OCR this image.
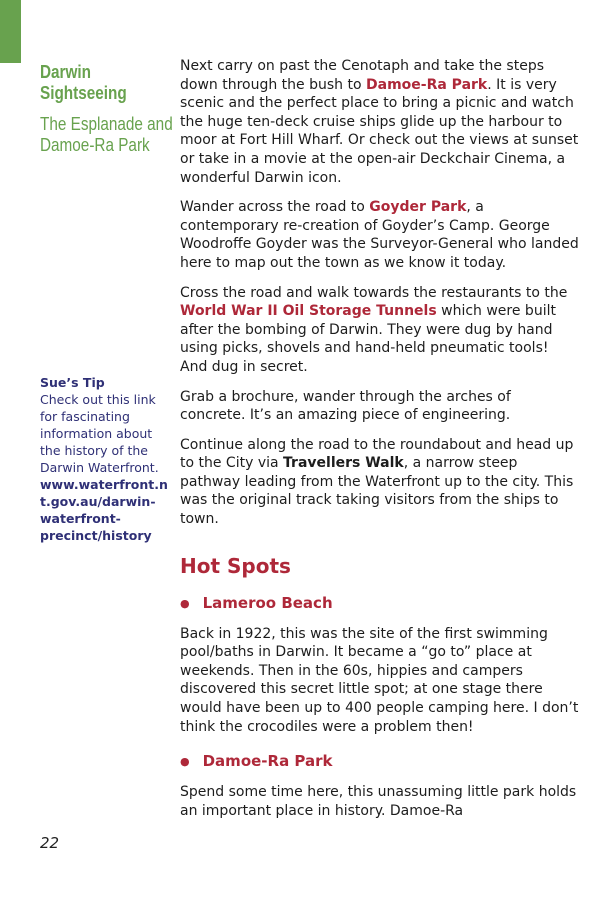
Darwin Sightseeing
The Esplanade and Damoe-Ra Park
Sue’s Tip
Check out this link for fascinating information about the history of the Darwin Waterfront.
www.waterfront.nt.gov.au/darwin-waterfront-precinct/history
22

Next carry on past the Cenotaph and take the steps down through the bush to Damoe-Ra Park. It is very scenic and the perfect place to bring a picnic and watch the huge ten-deck cruise ships glide up the harbour to moor at Fort Hill Wharf. Or check out the views at sunset or take in a movie at the open-air Deckchair Cinema, a wonderful Darwin icon.

Wander across the road to Goyder Park, a contemporary re-creation of Goyder’s Camp. George Woodroffe Goyder was the Surveyor-General who landed here to map out the town as we know it today.

Cross the road and walk towards the restaurants to the World War II Oil Storage Tunnels which were built after the bombing of Darwin. They were dug by hand using picks, shovels and hand-held pneumatic tools! And dug in secret.

Grab a brochure, wander through the arches of concrete. It’s an amazing piece of engineering.

Continue along the road to the roundabout and head up to the City via Travellers Walk, a narrow steep pathway leading from the Waterfront up to the city. This was the original track taking visitors from the ships to town.

Hot Spots
● Lameroo Beach

Back in 1922, this was the site of the first swimming pool/baths in Darwin. It became a “go to” place at weekends. Then in the 60s, hippies and campers discovered this secret little spot; at one stage there would have been up to 400 people camping here. I don’t think the crocodiles were a problem then!

● Damoe-Ra Park

Spend some time here, this unassuming little park holds an important place in history. Damoe-Ra
